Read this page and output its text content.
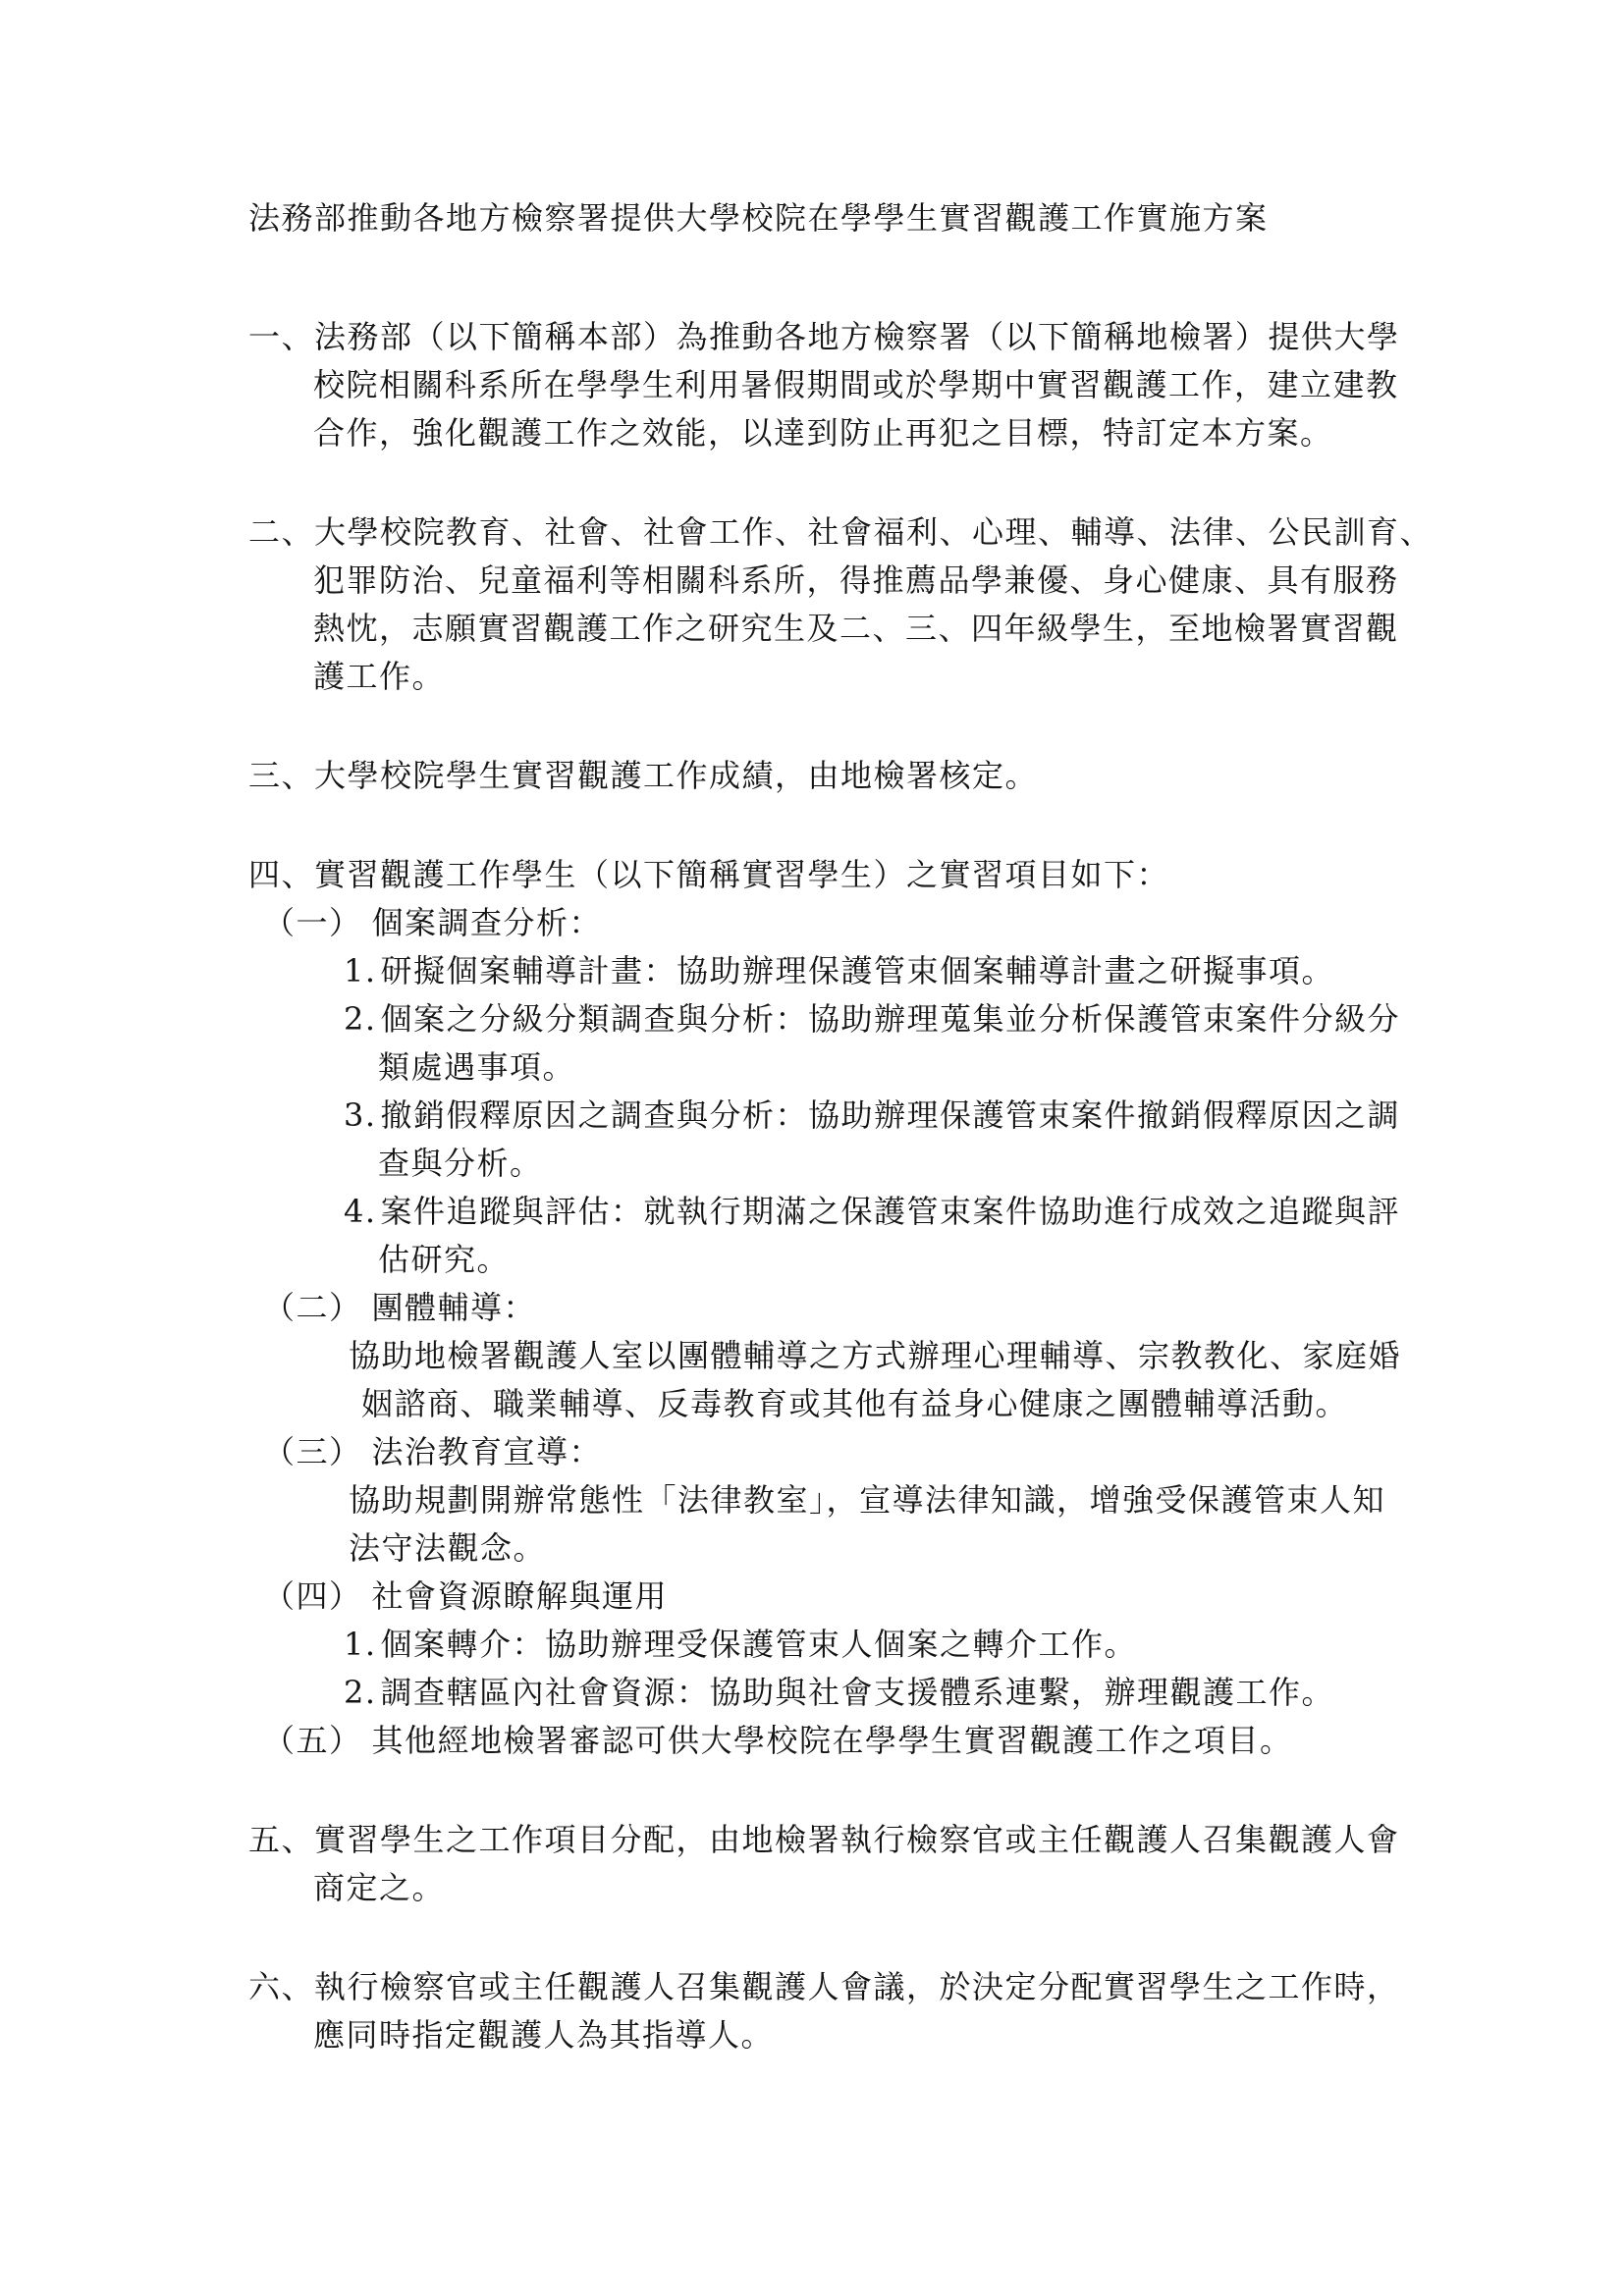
法務部推動各地方檢察署提供大學校院在學學生實習觀護工作實施方案
一、法務部（以下簡稱本部）為推動各地方檢察署（以下簡稱地檢署）提供大學
校院相關科系所在學學生利用暑假期間或於學期中實習觀護工作，建立建教
合作，強化觀護工作之效能，以達到防止再犯之目標，特訂定本方案。
二、大學校院教育、社會、社會工作、社會福利、心理、輔導、法律、公民訓育、
犯罪防治、兒童福利等相關科系所，得推薦品學兼優、身心健康、具有服務
熱忱，志願實習觀護工作之研究生及二、三、四年級學生，至地檢署實習觀
護工作。
三、大學校院學生實習觀護工作成績，由地檢署核定。
四、實習觀護工作學生（以下簡稱實習學生）之實習項目如下：
（一） 個案調查分析：
1. 研擬個案輔導計畫：協助辦理保護管束個案輔導計畫之研擬事項。
2. 個案之分級分類調查與分析：協助辦理蒐集並分析保護管束案件分級分
類處遇事項。
3. 撤銷假釋原因之調查與分析：協助辦理保護管束案件撤銷假釋原因之調
查與分析。
4. 案件追蹤與評估：就執行期滿之保護管束案件協助進行成效之追蹤與評
估研究。
（二） 團體輔導：
協助地檢署觀護人室以團體輔導之方式辦理心理輔導、宗教教化、家庭婚
姻諮商、職業輔導、反毒教育或其他有益身心健康之團體輔導活動。
（三） 法治教育宣導：
協助規劃開辦常態性「法律教室」，宣導法律知識，增強受保護管束人知
法守法觀念。
（四） 社會資源瞭解與運用
1. 個案轉介：協助辦理受保護管束人個案之轉介工作。
2. 調查轄區內社會資源：協助與社會支援體系連繫，辦理觀護工作。
（五） 其他經地檢署審認可供大學校院在學學生實習觀護工作之項目。
五、實習學生之工作項目分配，由地檢署執行檢察官或主任觀護人召集觀護人會
商定之。
六、執行檢察官或主任觀護人召集觀護人會議，於決定分配實習學生之工作時，
應同時指定觀護人為其指導人。
